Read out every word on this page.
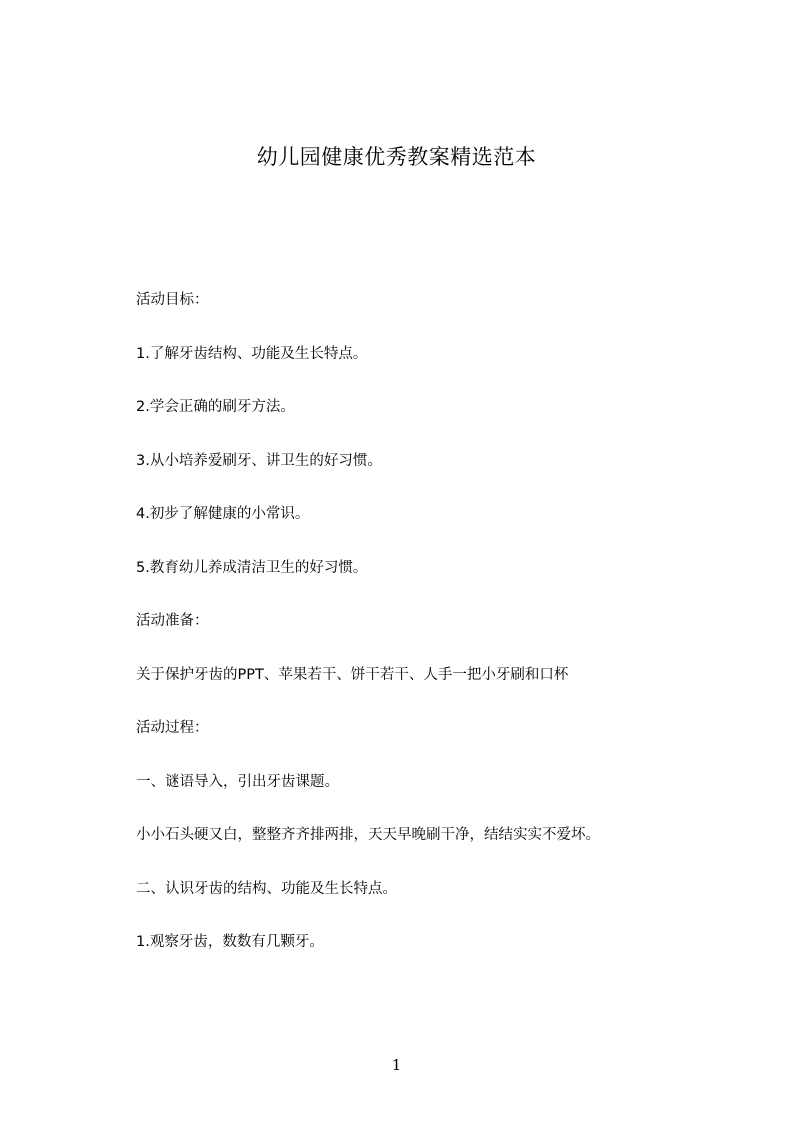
幼儿园健康优秀教案精选范本
活动目标：
1.了解牙齿结构、功能及生长特点。
2.学会正确的刷牙方法。
3.从小培养爱刷牙、讲卫生的好习惯。
4.初步了解健康的小常识。
5.教育幼儿养成清洁卫生的好习惯。
活动准备：
关于保护牙齿的PPT、苹果若干、饼干若干、人手一把小牙刷和口杯
活动过程：
一、谜语导入，引出牙齿课题。
小小石头硬又白，整整齐齐排两排，天天早晚刷干净，结结实实不爱坏。
二、认识牙齿的结构、功能及生长特点。
1.观察牙齿，数数有几颗牙。
1
